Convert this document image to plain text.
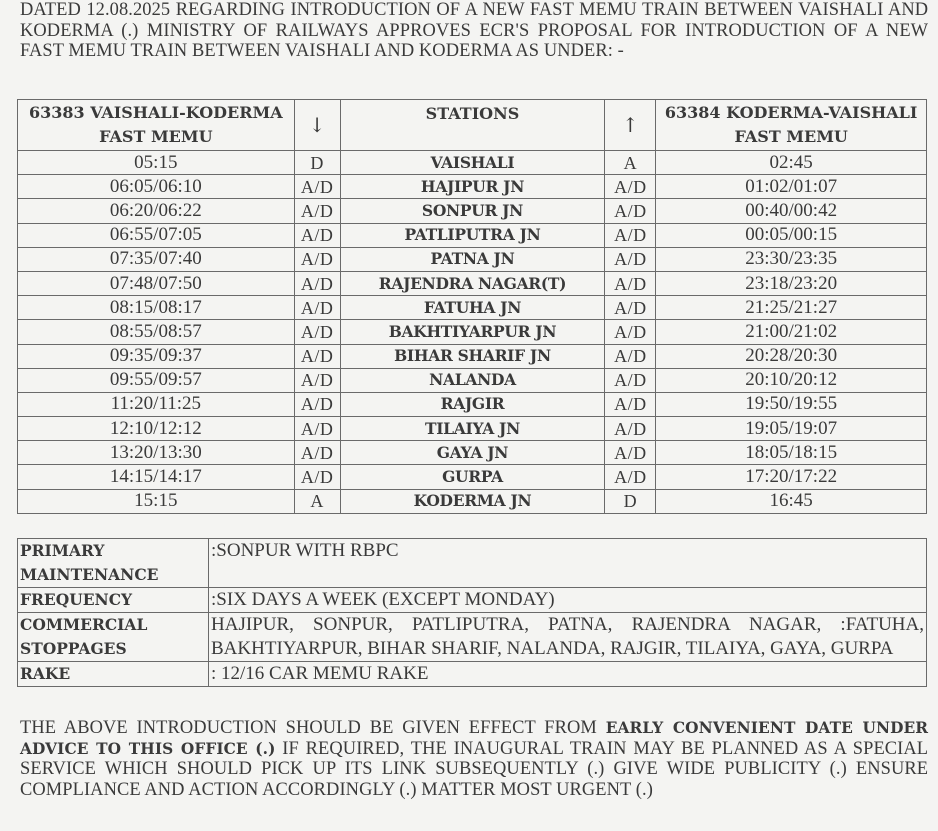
DATED 12.08.2025 REGARDING INTRODUCTION OF A NEW FAST MEMU TRAIN BETWEEN VAISHALI AND KODERMA (.) MINISTRY OF RAILWAYS APPROVES ECR'S PROPOSAL FOR INTRODUCTION OF A NEW FAST MEMU TRAIN BETWEEN VAISHALI AND KODERMA AS UNDER: -
63383 VAISHALI-KODERMA FAST MEMU	↓	STATIONS	↑	63384 KODERMA-VAISHALI FAST MEMU
05:15	D	VAISHALI	A	02:45
06:05/06:10	A/D	HAJIPUR JN	A/D	01:02/01:07
06:20/06:22	A/D	SONPUR JN	A/D	00:40/00:42
06:55/07:05	A/D	PATLIPUTRA JN	A/D	00:05/00:15
07:35/07:40	A/D	PATNA JN	A/D	23:30/23:35
07:48/07:50	A/D	RAJENDRA NAGAR(T)	A/D	23:18/23:20
08:15/08:17	A/D	FATUHA JN	A/D	21:25/21:27
08:55/08:57	A/D	BAKHTIYARPUR JN	A/D	21:00/21:02
09:35/09:37	A/D	BIHAR SHARIF JN	A/D	20:28/20:30
09:55/09:57	A/D	NALANDA	A/D	20:10/20:12
11:20/11:25	A/D	RAJGIR	A/D	19:50/19:55
12:10/12:12	A/D	TILAIYA JN	A/D	19:05/19:07
13:20/13:30	A/D	GAYA JN	A/D	18:05/18:15
14:15/14:17	A/D	GURPA	A/D	17:20/17:22
15:15	A	KODERMA JN	D	16:45
PRIMARY MAINTENANCE	:SONPUR WITH RBPC
FREQUENCY	:SIX DAYS A WEEK (EXCEPT MONDAY)
COMMERCIAL STOPPAGES	HAJIPUR, SONPUR, PATLIPUTRA, PATNA, RAJENDRA NAGAR, :FATUHA, BAKHTIYARPUR, BIHAR SHARIF, NALANDA, RAJGIR, TILAIYA, GAYA, GURPA
RAKE	: 12/16 CAR MEMU RAKE
THE ABOVE INTRODUCTION SHOULD BE GIVEN EFFECT FROM EARLY CONVENIENT DATE UNDER ADVICE TO THIS OFFICE (.) IF REQUIRED, THE INAUGURAL TRAIN MAY BE PLANNED AS A SPECIAL SERVICE WHICH SHOULD PICK UP ITS LINK SUBSEQUENTLY (.) GIVE WIDE PUBLICITY (.) ENSURE COMPLIANCE AND ACTION ACCORDINGLY (.) MATTER MOST URGENT (.)
